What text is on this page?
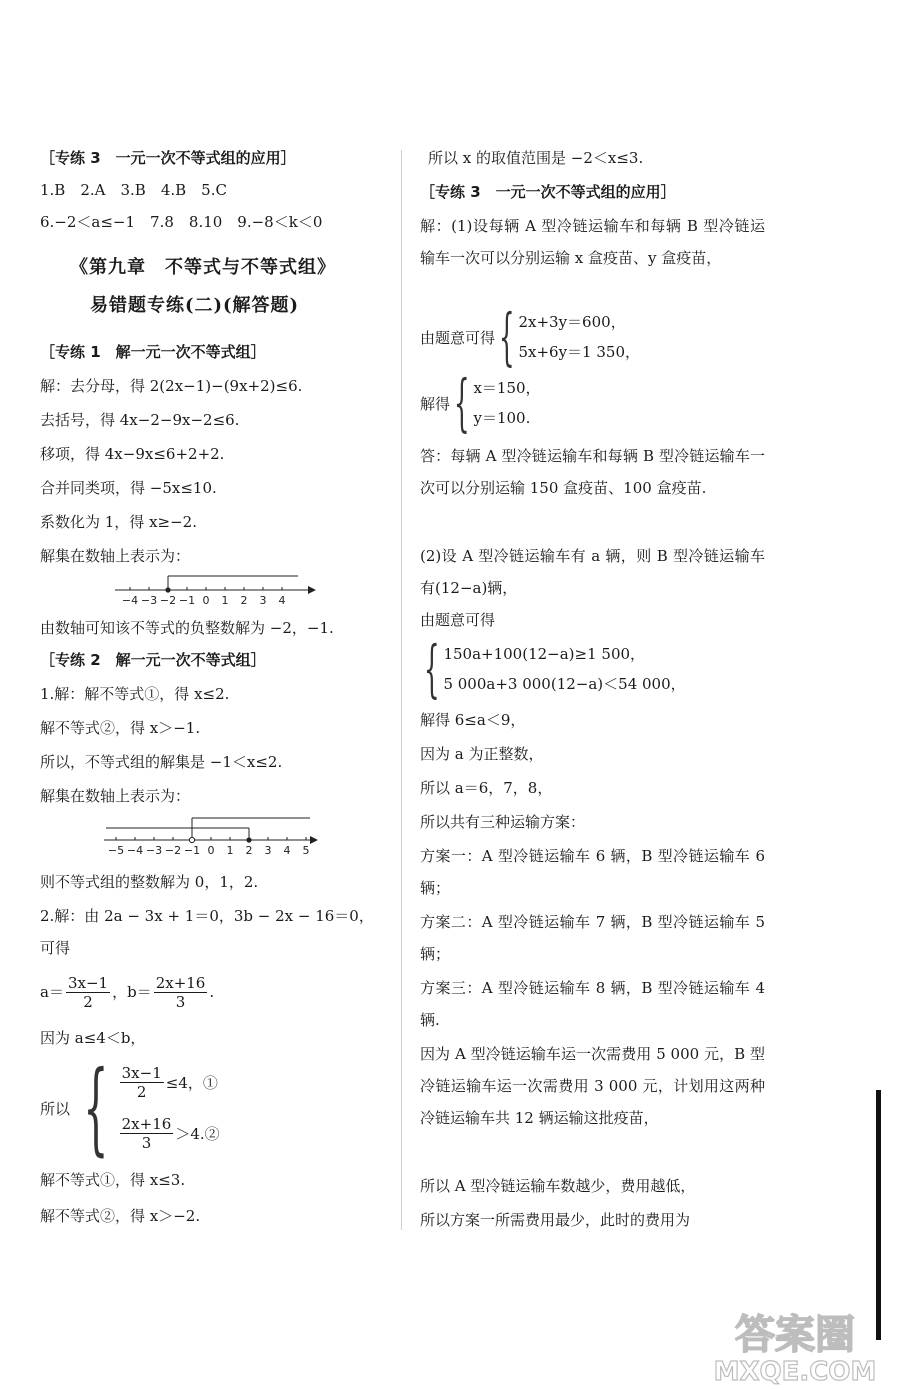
［专练 3　一元一次不等式组的应用］
1.B　2.A　3.B　4.B　5.C
6.−2＜a≤−1　7.8　8.10　9.−8＜k＜0
《第九章　不等式与不等式组》
易错题专练(二)(解答题)
［专练 1　解一元一次不等式组］
解：去分母，得 2(2x−1)−(9x+2)≤6.
去括号，得 4x−2−9x−2≤6.
移项，得 4x−9x≤6+2+2.
合并同类项，得 −5x≤10.
系数化为 1，得 x≥−2.
解集在数轴上表示为：
−4 −3 −2 −1 0 1 2 3 4
由数轴可知该不等式的负整数解为 −2，−1.
［专练 2　解一元一次不等式组］
1.解：解不等式①，得 x≤2.
解不等式②，得 x＞−1.
所以，不等式组的解集是 −1＜x≤2.
解集在数轴上表示为：
−5 −4 −3 −2 −1 0 1 2 3 4 5
则不等式组的整数解为 0，1，2.
2.解：由 2a − 3x + 1＝0，3b − 2x − 16＝0，
可得
$a= \frac{3x-1}{2}$ ，$b= \frac{2x+16}{3}$ .
因为 a≤4＜b，
所以 { $\frac{3x-1}{2} \le 4$，①
$\frac{2x+16}{3}$ ＞4.②
解不等式①，得 x≤3.
解不等式②，得 x＞−2.
所以 x 的取值范围是 −2＜x≤3.
［专练 3　一元一次不等式组的应用］
解：(1)设每辆 A 型冷链运输车和每辆 B 型冷链运输车一次可以分别运输 x 盒疫苗、y 盒疫苗，
由题意可得 { 2x+3y＝600，
5x+6y＝1 350，
解得 { x＝150，
y＝100.
答：每辆 A 型冷链运输车和每辆 B 型冷链运输车一次可以分别运输 150 盒疫苗、100 盒疫苗.
(2)设 A 型冷链运输车有 a 辆，则 B 型冷链运输车有(12−a)辆，
由题意可得
{ 150a+100(12−a)≥1 500，
5 000a+3 000(12−a)＜54 000，
解得 6≤a＜9，
因为 a 为正整数，
所以 a＝6，7，8，
所以共有三种运输方案：
方案一：A 型冷链运输车 6 辆，B 型冷链运输车 6 辆；
方案二：A 型冷链运输车 7 辆，B 型冷链运输车 5 辆；
方案三：A 型冷链运输车 8 辆，B 型冷链运输车 4 辆.
因为 A 型冷链运输车运一次需费用 5 000 元，B 型冷链运输车运一次需费用 3 000 元，计划用这两种冷链运输车共 12 辆运输这批疫苗，
所以 A 型冷链运输车数越少，费用越低，
所以方案一所需费用最少，此时的费用为
答案圈
MXQE.COM
